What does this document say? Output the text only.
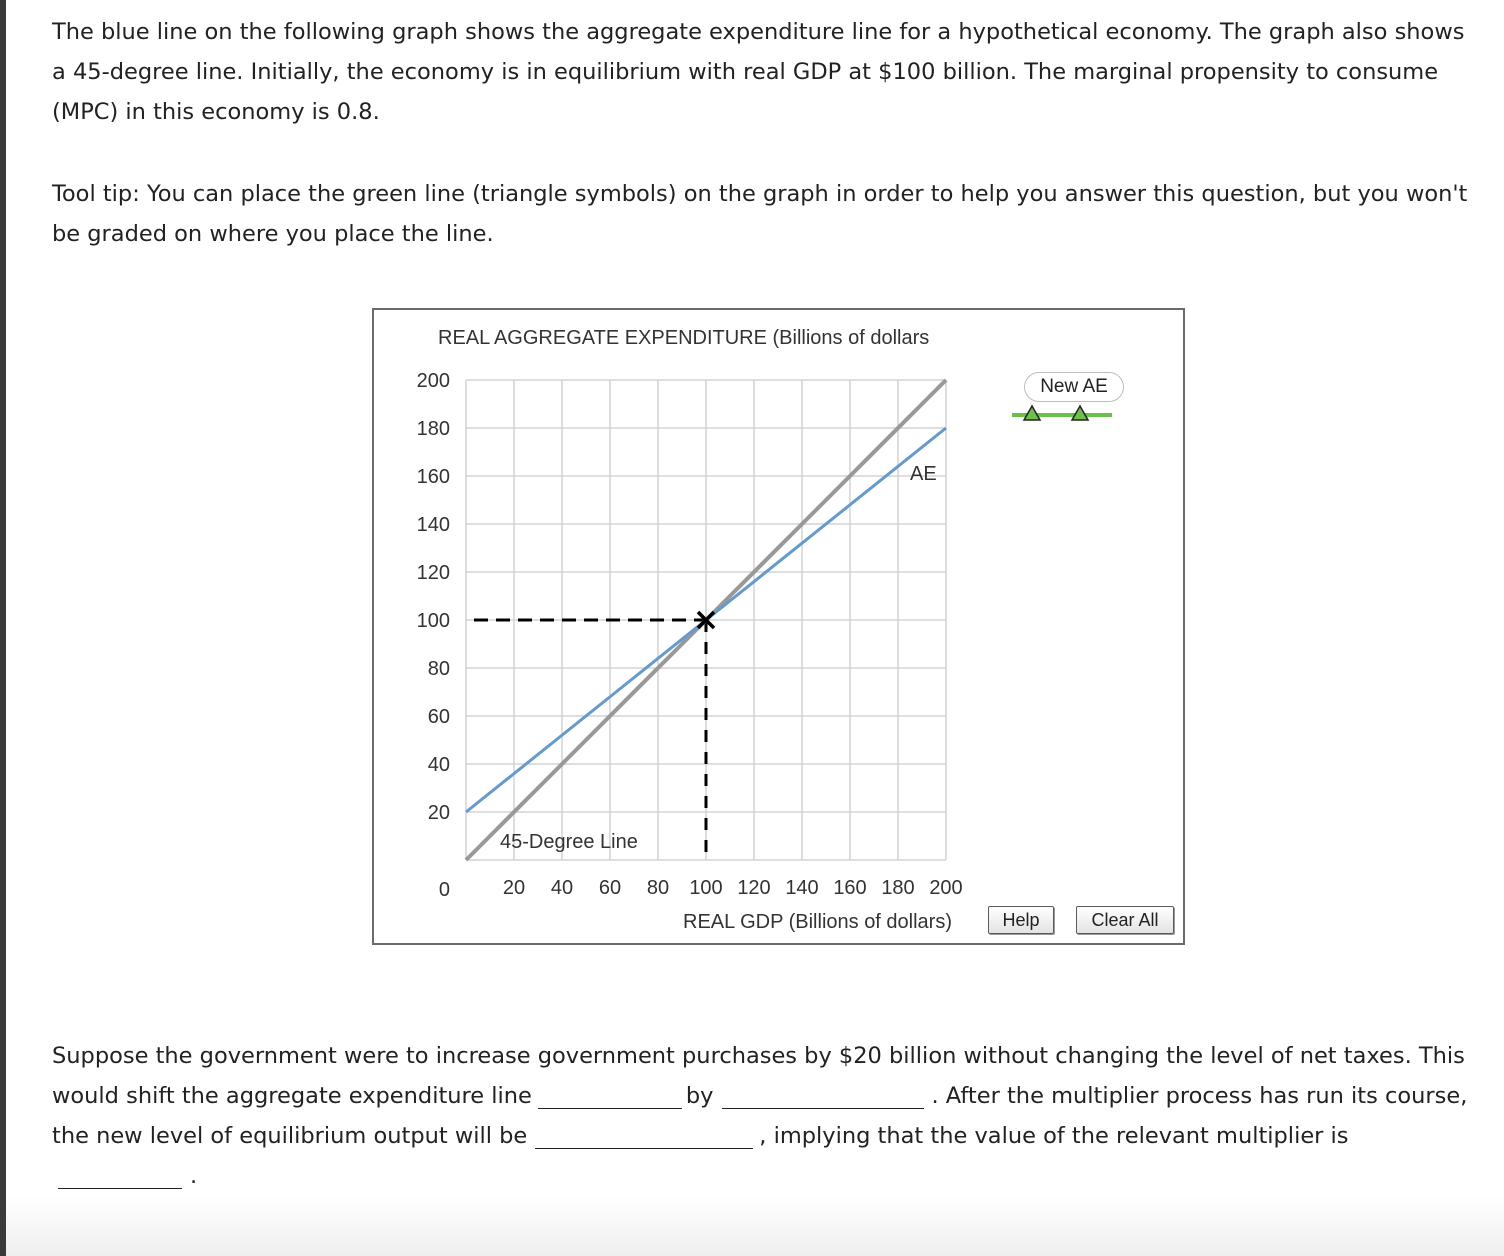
The blue line on the following graph shows the aggregate expenditure line for a hypothetical economy. The graph also shows a 45-degree line. Initially, the economy is in equilibrium with real GDP at $100 billion. The marginal propensity to consume (MPC) in this economy is 0.8.

Tool tip: You can place the green line (triangle symbols) on the graph in order to help you answer this question, but you won't be graded on where you place the line.

REAL AGGREGATE EXPENDITURE (Billions of dollars
0
20
40
60
80
100
120
140
160
180
200
20 40 60 80 100 120 140 160 180 200
REAL GDP (Billions of dollars)
AE
45-Degree Line
New AE
Help	Clear All

Suppose the government were to increase government purchases by $20 billion without changing the level of net taxes. This would shift the aggregate expenditure line	by	. After the multiplier process has run its course, the new level of equilibrium output will be	, implying that the value of the relevant multiplier is.
